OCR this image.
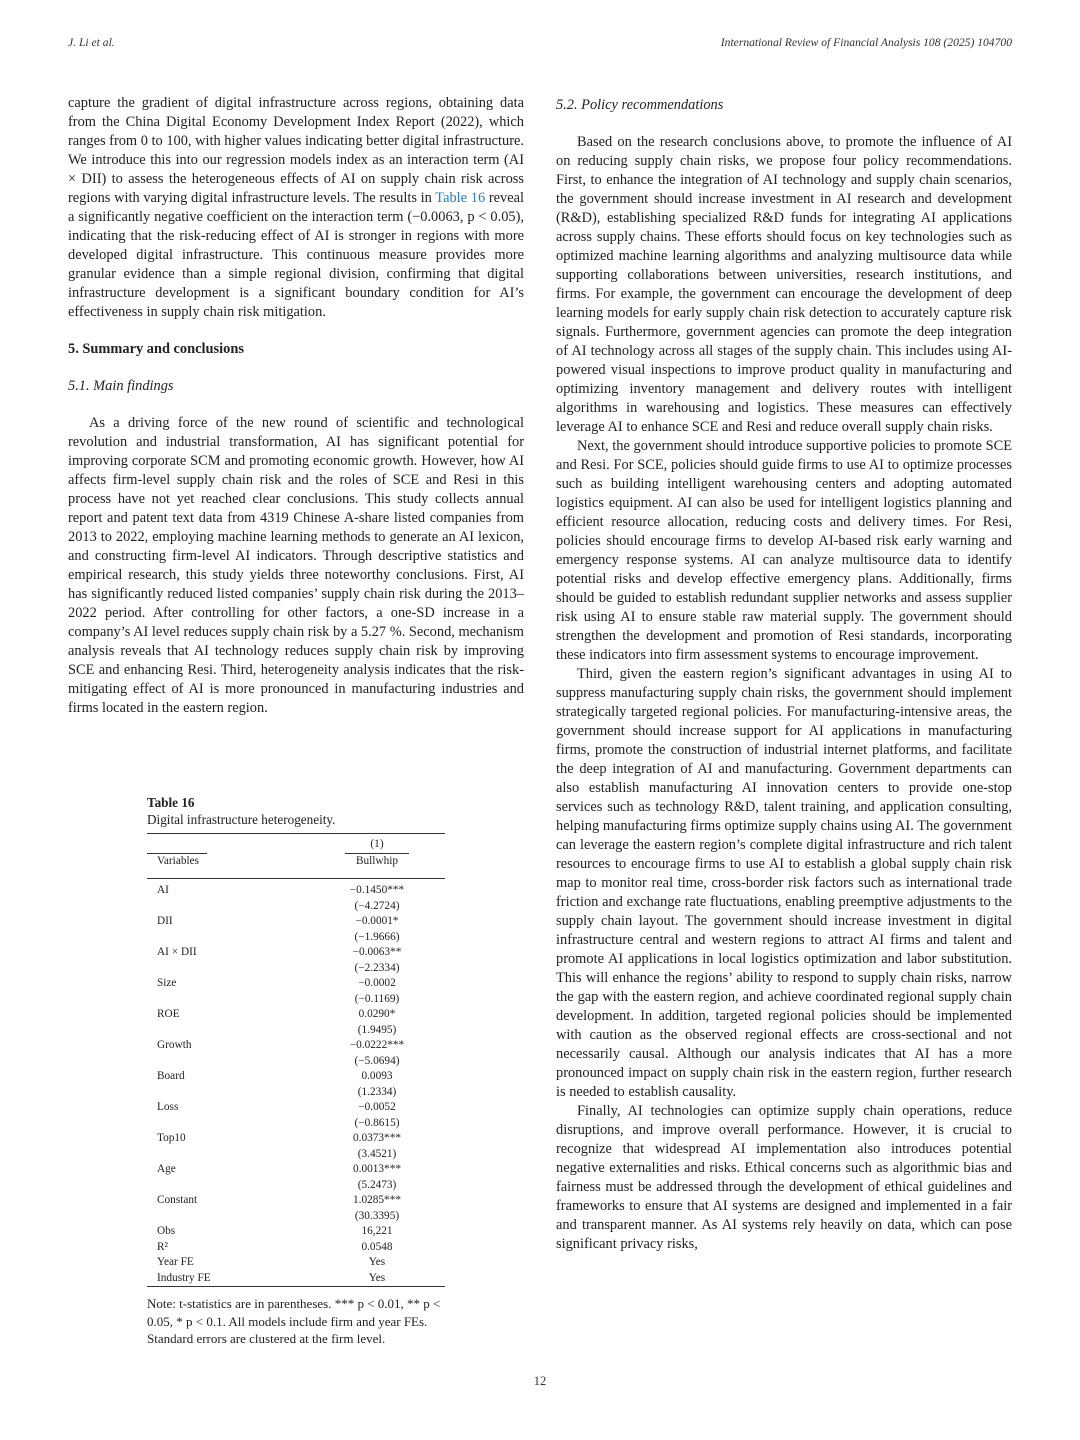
J. Li et al.	International Review of Financial Analysis 108 (2025) 104700

capture the gradient of digital infrastructure across regions, obtaining data from the China Digital Economy Development Index Report (2022), which ranges from 0 to 100, with higher values indicating better digital infrastructure. We introduce this into our regression models index as an interaction term (AI × DII) to assess the heterogeneous effects of AI on supply chain risk across regions with varying digital infrastructure levels. The results in Table 16 reveal a significantly negative coefficient on the interaction term (−0.0063, p < 0.05), indicating that the risk-reducing effect of AI is stronger in regions with more developed digital infrastructure. This continuous measure provides more granular evidence than a simple regional division, confirming that digital infrastructure development is a significant boundary condition for AI’s effectiveness in supply chain risk mitigation.

5. Summary and conclusions
5.1. Main findings

As a driving force of the new round of scientific and technological revolution and industrial transformation, AI has significant potential for improving corporate SCM and promoting economic growth. However, how AI affects firm-level supply chain risk and the roles of SCE and Resi in this process have not yet reached clear conclusions. This study collects annual report and patent text data from 4319 Chinese A-share listed companies from 2013 to 2022, employing machine learning methods to generate an AI lexicon, and constructing firm-level AI indicators. Through descriptive statistics and empirical research, this study yields three noteworthy conclusions. First, AI has significantly reduced listed companies’ supply chain risk during the 2013–2022 period. After controlling for other factors, a one-SD increase in a company’s AI level reduces supply chain risk by a 5.27 %. Second, mechanism analysis reveals that AI technology reduces supply chain risk by improving SCE and enhancing Resi. Third, heterogeneity analysis indicates that the risk-mitigating effect of AI is more pronounced in manufacturing industries and firms located in the eastern region.

Table 16
Digital infrastructure heterogeneity.
	(1)

Variables	Bullwhip

AI	−0.1450***
	(−4.2724)
DII	−0.0001*
	(−1.9666)
AI × DII	−0.0063**
	(−2.2334)
Size	−0.0002
	(−0.1169)
ROE	0.0290*
	(1.9495)
Growth	−0.0222***
	(−5.0694)
Board	0.0093
	(1.2334)
Loss	−0.0052
	(−0.8615)
Top10	0.0373***
	(3.4521)
Age	0.0013***
	(5.2473)
Constant	1.0285***
	(30.3395)
Obs	16,221
R²	0.0548
Year FE	Yes
Industry FE	Yes
Note: t-statistics are in parentheses. *** p < 0.01, ** p < 0.05, * p < 0.1. All models include firm and year FEs. Standard errors are clustered at the firm level.
5.2. Policy recommendations

Based on the research conclusions above, to promote the influence of AI on reducing supply chain risks, we propose four policy recommendations. First, to enhance the integration of AI technology and supply chain scenarios, the government should increase investment in AI research and development (R&D), establishing specialized R&D funds for integrating AI applications across supply chains. These efforts should focus on key technologies such as optimized machine learning algorithms and analyzing multisource data while supporting collaborations between universities, research institutions, and firms. For example, the government can encourage the development of deep learning models for early supply chain risk detection to accurately capture risk signals. Furthermore, government agencies can promote the deep integration of AI technology across all stages of the supply chain. This includes using AI-powered visual inspections to improve product quality in manufacturing and optimizing inventory management and delivery routes with intelligent algorithms in warehousing and logistics. These measures can effectively leverage AI to enhance SCE and Resi and reduce overall supply chain risks.

Next, the government should introduce supportive policies to promote SCE and Resi. For SCE, policies should guide firms to use AI to optimize processes such as building intelligent warehousing centers and adopting automated logistics equipment. AI can also be used for intelligent logistics planning and efficient resource allocation, reducing costs and delivery times. For Resi, policies should encourage firms to develop AI-based risk early warning and emergency response systems. AI can analyze multisource data to identify potential risks and develop effective emergency plans. Additionally, firms should be guided to establish redundant supplier networks and assess supplier risk using AI to ensure stable raw material supply. The government should strengthen the development and promotion of Resi standards, incorporating these indicators into firm assessment systems to encourage improvement.

Third, given the eastern region’s significant advantages in using AI to suppress manufacturing supply chain risks, the government should implement strategically targeted regional policies. For manufacturing-intensive areas, the government should increase support for AI applications in manufacturing firms, promote the construction of industrial internet platforms, and facilitate the deep integration of AI and manufacturing. Government departments can also establish manufacturing AI innovation centers to provide one-stop services such as technology R&D, talent training, and application consulting, helping manufacturing firms optimize supply chains using AI. The government can leverage the eastern region’s complete digital infrastructure and rich talent resources to encourage firms to use AI to establish a global supply chain risk map to monitor real time, cross-border risk factors such as international trade friction and exchange rate fluctuations, enabling preemptive adjustments to the supply chain layout. The government should increase investment in digital infrastructure central and western regions to attract AI firms and talent and promote AI applications in local logistics optimization and labor substitution. This will enhance the regions’ ability to respond to supply chain risks, narrow the gap with the eastern region, and achieve coordinated regional supply chain development. In addition, targeted regional policies should be implemented with caution as the observed regional effects are cross-sectional and not necessarily causal. Although our analysis indicates that AI has a more pronounced impact on supply chain risk in the eastern region, further research is needed to establish causality.

Finally, AI technologies can optimize supply chain operations, reduce disruptions, and improve overall performance. However, it is crucial to recognize that widespread AI implementation also introduces potential negative externalities and risks. Ethical concerns such as algorithmic bias and fairness must be addressed through the development of ethical guidelines and frameworks to ensure that AI systems are designed and implemented in a fair and transparent manner. As AI systems rely heavily on data, which can pose significant privacy risks,

12
